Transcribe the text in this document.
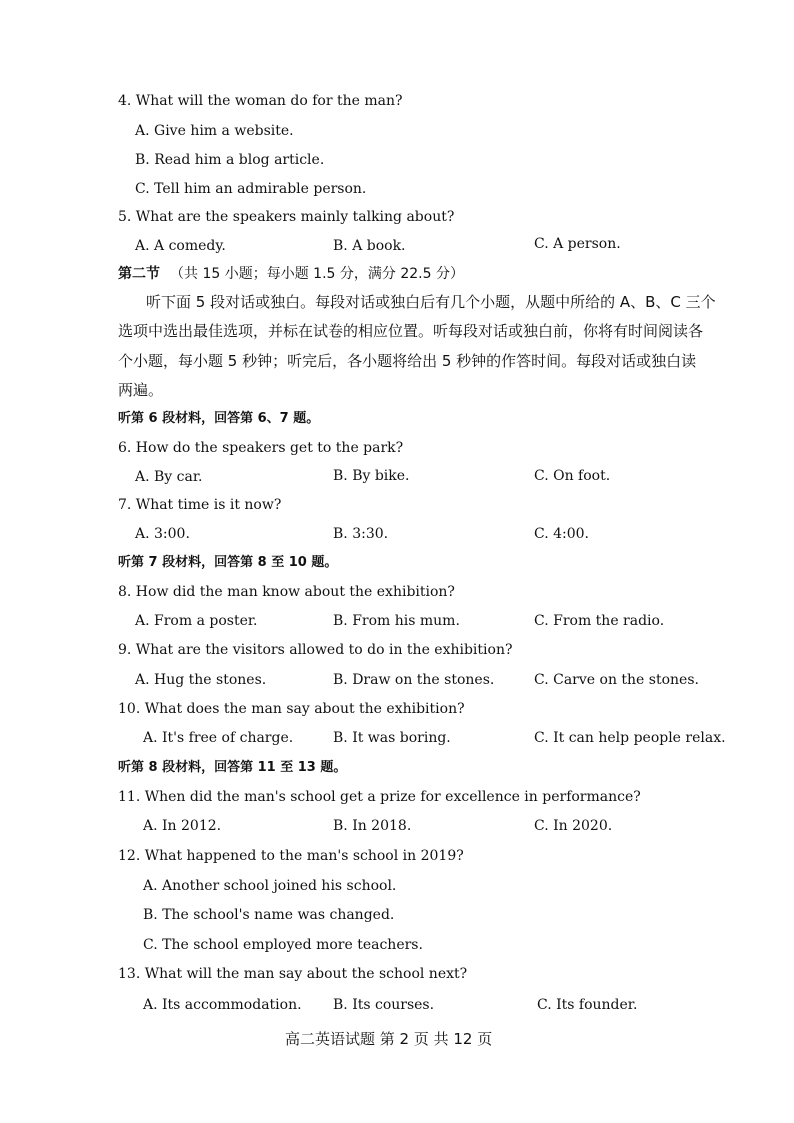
4. What will the woman do for the man?
A. Give him a website.
B. Read him a blog article.
C. Tell him an admirable person.
5. What are the speakers mainly talking about?
A. A comedy.	B. A book.	C. A person.
第二节 （共 15 小题；每小题 1.5 分，满分 22.5 分）
听下面 5 段对话或独白。每段对话或独白后有几个小题，从题中所给的 A、B、C 三个
选项中选出最佳选项，并标在试卷的相应位置。听每段对话或独白前，你将有时间阅读各
个小题，每小题 5 秒钟；听完后，各小题将给出 5 秒钟的作答时间。每段对话或独白读
两遍。
听第 6 段材料，回答第 6、7 题。
6. How do the speakers get to the park?
A. By car.	B. By bike.	C. On foot.
7. What time is it now?
A. 3:00.	B. 3:30.	C. 4:00.
听第 7 段材料，回答第 8 至 10 题。
8. How did the man know about the exhibition?
A. From a poster.	B. From his mum.	C. From the radio.
9. What are the visitors allowed to do in the exhibition?
A. Hug the stones.	B. Draw on the stones.	C. Carve on the stones.
10. What does the man say about the exhibition?
A. It's free of charge.	B. It was boring.	C. It can help people relax.
听第 8 段材料，回答第 11 至 13 题。
11. When did the man's school get a prize for excellence in performance?
A. In 2012.	B. In 2018.	C. In 2020.
12. What happened to the man's school in 2019?
A. Another school joined his school.
B. The school's name was changed.
C. The school employed more teachers.
13. What will the man say about the school next?
A. Its accommodation. B. Its courses.	C. Its founder.
高二英语试题 第 2 页 共 12 页
